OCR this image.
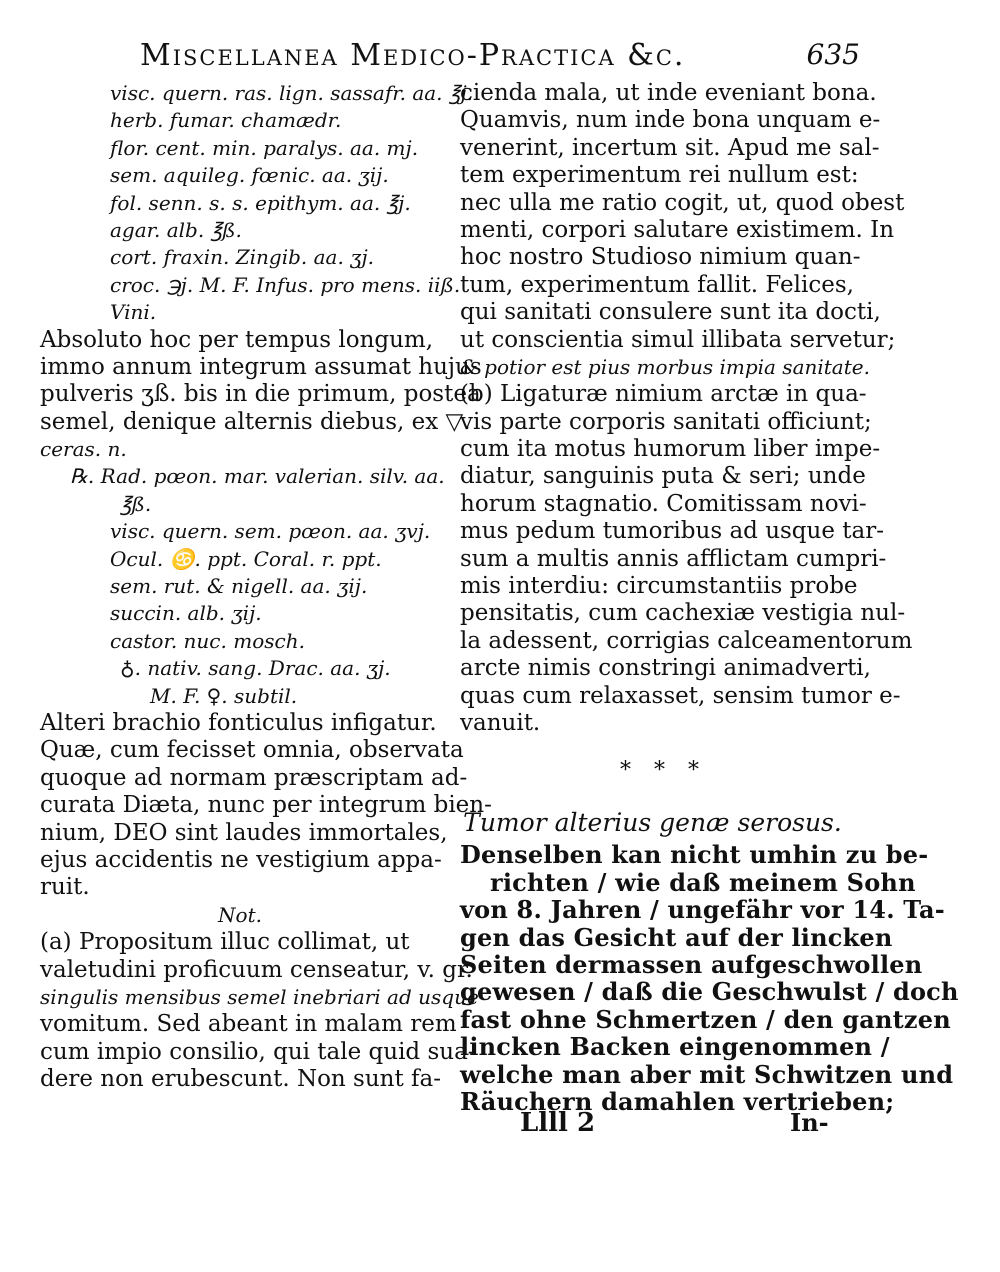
Miscellanea Medico-Practica &c.	635
visc. quern. ras. lign. sassafr. aa. ℥j.
herb. fumar. chamædr.
flor. cent. min. paralys. aa. mj.
sem. aquileg. fœnic. aa. ʒij.
fol. senn. s. s. epithym. aa. ℥j.
agar. alb. ℥ß.
cort. fraxin. Zingib. aa. ʒj.
croc. ℈j. M. F. Infus. pro mens. iiß.
Vini.
Absoluto hoc per tempus longum,
immo annum integrum assumat hujus
pulveris ʒß. bis in die primum, postea
semel, denique alternis diebus, ex ▽.
ceras. n.
℞. Rad. pœon. mar. valerian. silv. aa.
℥ß.
visc. quern. sem. pœon. aa. ʒvj.
Ocul. ♋. ppt. Coral. r. ppt.
sem. rut. & nigell. aa. ʒij.
succin. alb. ʒij.
castor. nuc. mosch.
♁. nativ. sang. Drac. aa. ʒj.
M. F. ♀. subtil.
Alteri brachio fonticulus infigatur.
Quæ, cum fecisset omnia, observata
quoque ad normam præscriptam ad-
curata Diæta, nunc per integrum bien-
nium, DEO sint laudes immortales,
ejus accidentis ne vestigium appa-
ruit.
Not.
(a) Propositum illuc collimat, ut
valetudini proficuum censeatur, v. gr.
singulis mensibus semel inebriari ad usque
vomitum. Sed abeant in malam rem
cum impio consilio, qui tale quid sua-
dere non erubescunt. Non sunt fa-
cienda mala, ut inde eveniant bona.
Quamvis, num inde bona unquam e-
venerint, incertum sit. Apud me sal-
tem experimentum rei nullum est:
nec ulla me ratio cogit, ut, quod obest
menti, corpori salutare existimem. In
hoc nostro Studioso nimium quan-
tum, experimentum fallit. Felices,
qui sanitati consulere sunt ita docti,
ut conscientia simul illibata servetur;
& potior est pius morbus impia sanitate.
(b) Ligaturæ nimium arctæ in qua-
vis parte corporis sanitati officiunt;
cum ita motus humorum liber impe-
diatur, sanguinis puta & seri; unde
horum stagnatio. Comitissam novi-
mus pedum tumoribus ad usque tar-
sum a multis annis afflictam cumpri-
mis interdiu: circumstantiis probe
pensitatis, cum cachexiæ vestigia nul-
la adessent, corrigias calceamentorum
arcte nimis constringi animadverti,
quas cum relaxasset, sensim tumor e-
vanuit.
Tumor alterius genæ serosus.
Denselben kan nicht umhin zu be-
richten / wie daß meinem Sohn
von 8. Jahren / ungefähr vor 14. Ta-
gen das Gesicht auf der lincken
Seiten dermassen aufgeschwollen
gewesen / daß die Geschwulst / doch
fast ohne Schmertzen / den gantzen
lincken Backen eingenommen /
welche man aber mit Schwitzen und
Räuchern damahlen vertrieben;
* * *
Llll 2	In-
